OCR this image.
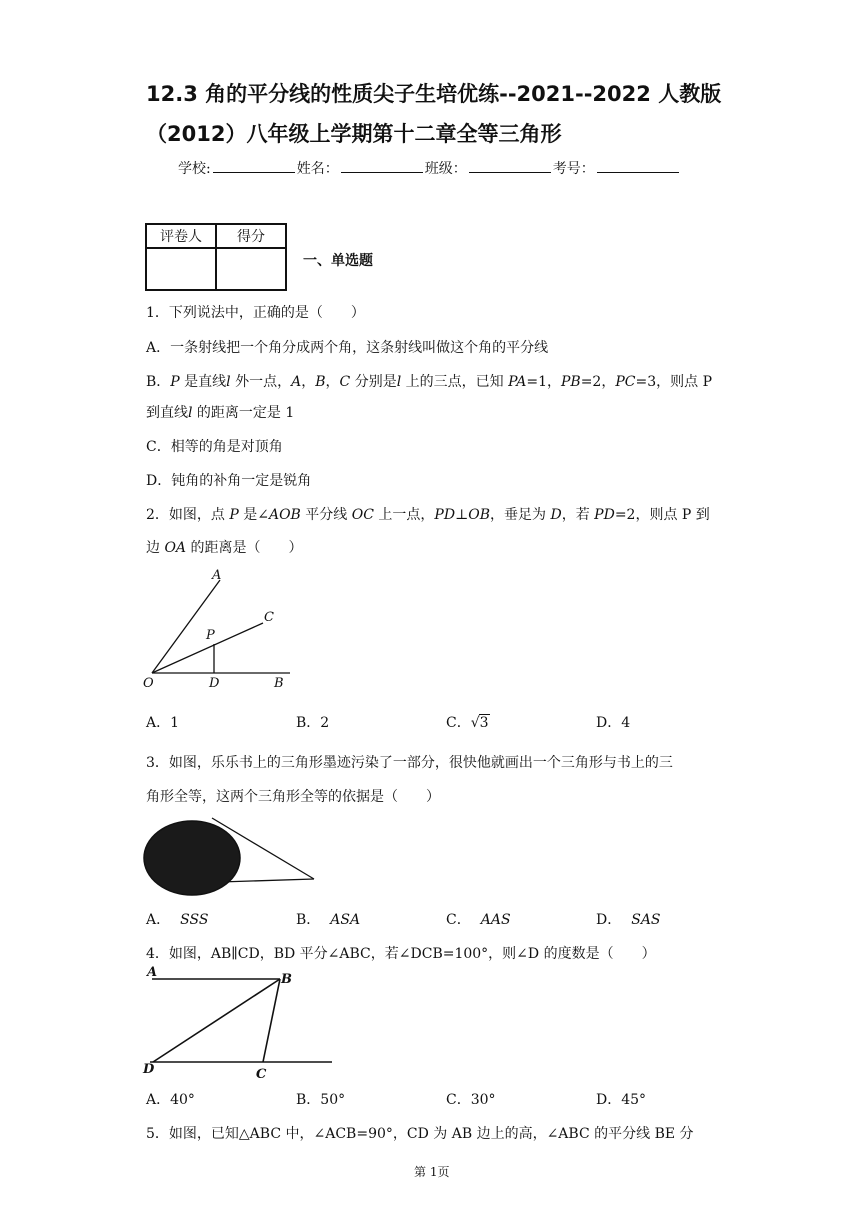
12.3 角的平分线的性质尖子生培优练--2021--2022 人教版
（2012）八年级上学期第十二章全等三角形
学校:	姓名：	班级：	考号：
评卷人	得分

一、单选题
1．下列说法中，正确的是（　　）
A．一条射线把一个角分成两个角，这条射线叫做这个角的平分线
B．P 是直线l 外一点，A，B，C 分别是l 上的三点，已知 PA=1，PB=2，PC=3，则点 P
到直线l 的距离一定是 1
C．相等的角是对顶角
D．钝角的补角一定是锐角
2．如图，点 P 是∠AOB 平分线 OC 上一点，PD⊥OB，垂足为 D，若 PD=2，则点 P 到
边 OA 的距离是（　　）
A
C
P
O	D	B
A．1	B．2	C．√3	D．4
3．如图，乐乐书上的三角形墨迹污染了一部分，很快他就画出一个三角形与书上的三
角形全等，这两个三角形全等的依据是（　　）
A． SSS	B． ASA	C． AAS	D． SAS
4．如图，AB∥CD，BD 平分∠ABC，若∠DCB=100°，则∠D 的度数是（　　）
A	B
D	C
A．40°	B．50°	C．30°	D．45°
5．如图，已知△ABC 中，∠ACB=90°，CD 为 AB 边上的高，∠ABC 的平分线 BE 分
第 1页
